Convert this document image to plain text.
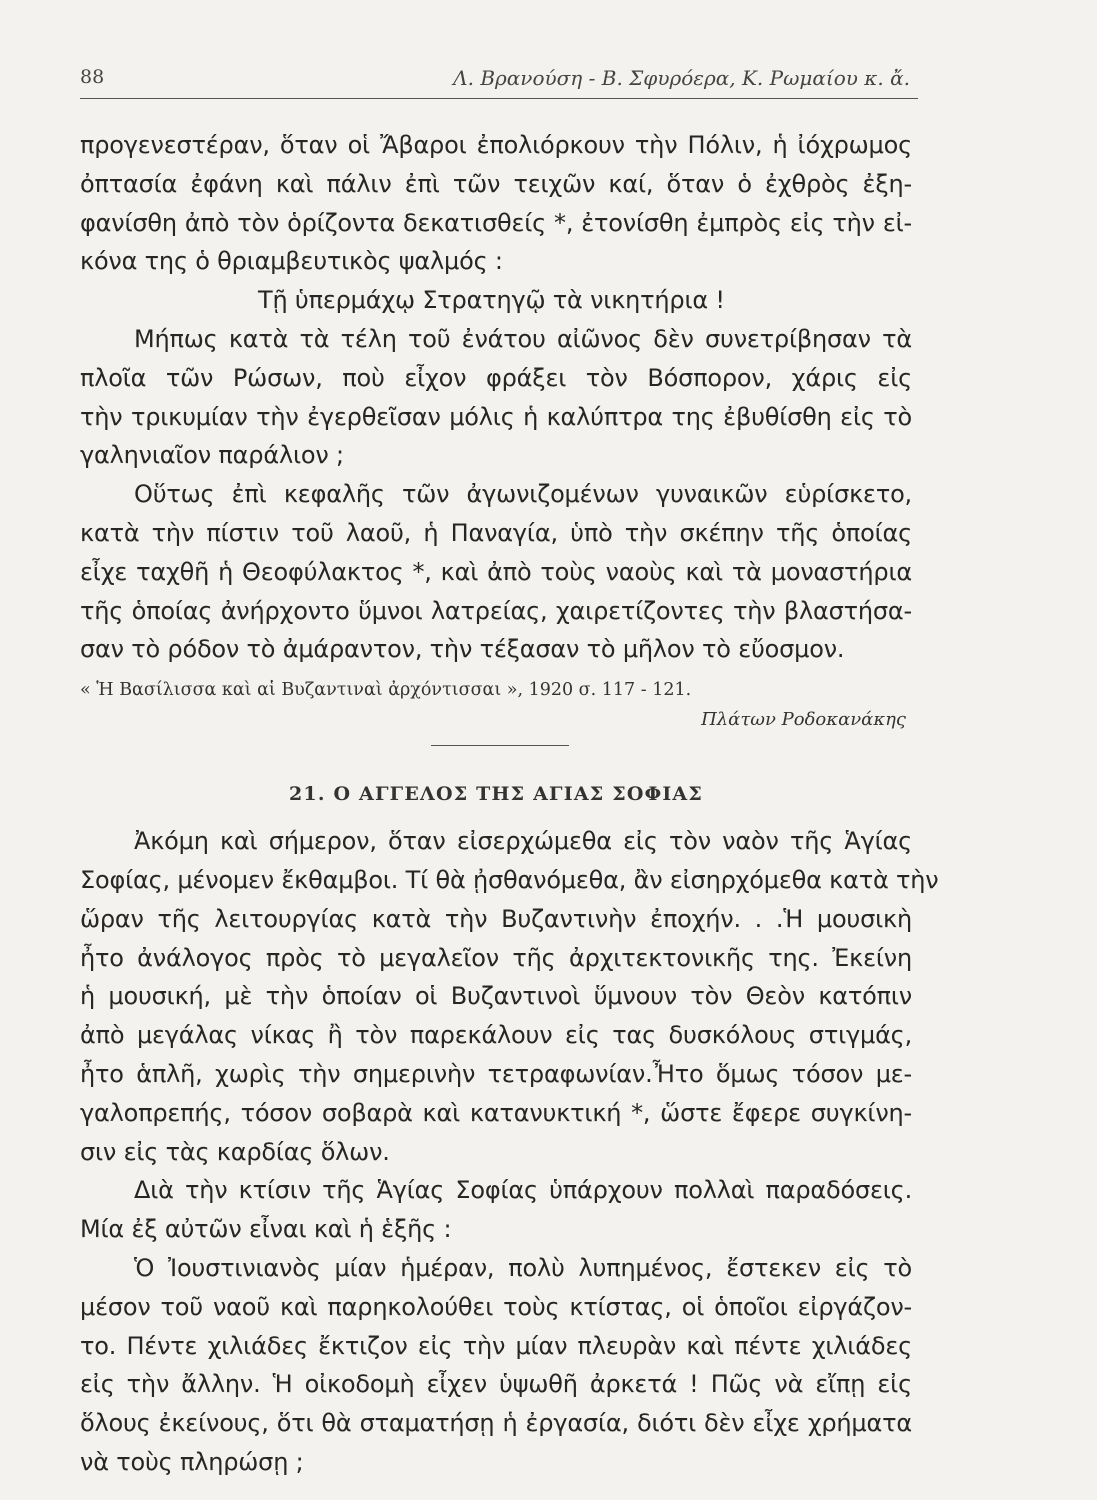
88	Λ. Βρανούση - Β. Σφυρόερα, Κ. Ρωμαίου κ. ἄ.
προγενεστέραν, ὅταν οἱ Ἄβαροι ἐπολιόρκουν τὴν Πόλιν, ἡ ἰόχρωμος
ὀπτασία ἐφάνη καὶ πάλιν ἐπὶ τῶν τειχῶν καί, ὅταν ὁ ἐχθρὸς ἐξη-
φανίσθη ἀπὸ τὸν ὁρίζοντα δεκατισθείς *, ἐτονίσθη ἐμπρὸς εἰς τὴν εἰ-
κόνα της ὁ θριαμβευτικὸς ψαλμός :
Τῇ ὑπερμάχῳ Στρατηγῷ τὰ νικητήρια !
Μήπως κατὰ τὰ τέλη τοῦ ἐνάτου αἰῶνος δὲν συνετρίβησαν τὰ
πλοῖα τῶν Ρώσων, ποὺ εἶχον φράξει τὸν Βόσπορον, χάρις εἰς
τὴν τρικυμίαν τὴν ἐγερθεῖσαν μόλις ἡ καλύπτρα της ἐβυθίσθη εἰς τὸ
γαληνιαῖον παράλιον ;
Οὕτως ἐπὶ κεφαλῆς τῶν ἀγωνιζομένων γυναικῶν εὑρίσκετο,
κατὰ τὴν πίστιν τοῦ λαοῦ, ἡ Παναγία, ὑπὸ τὴν σκέπην τῆς ὁποίας
εἶχε ταχθῆ ἡ Θεοφύλακτος *, καὶ ἀπὸ τοὺς ναοὺς καὶ τὰ μοναστήρια
τῆς ὁποίας ἀνήρχοντο ὕμνοι λατρείας, χαιρετίζοντες τὴν βλαστήσα-
σαν τὸ ρόδον τὸ ἀμάραντον, τὴν τέξασαν τὸ μῆλον τὸ εὔοσμον.
« Ἡ Βασίλισσα καὶ αἱ Βυζαντιναὶ ἀρχόντισσαι », 1920 σ. 117 - 121.
Πλάτων Ροδοκανάκης
21. Ο ΑΓΓΕΛΟΣ ΤΗΣ ΑΓΙΑΣ ΣΟΦΙΑΣ
Ἀκόμη καὶ σήμερον, ὅταν εἰσερχώμεθα εἰς τὸν ναὸν τῆς Ἁγίας
Σοφίας, μένομεν ἔκθαμβοι. Τί θὰ ᾐσθανόμεθα, ἂν εἰσηρχόμεθα κατὰ τὴν
ὥραν τῆς λειτουργίας κατὰ τὴν Βυζαντινὴν ἐποχήν. . .Ἡ μουσικὴ
ἦτο ἀνάλογος πρὸς τὸ μεγαλεῖον τῆς ἀρχιτεκτονικῆς της. Ἐκείνη
ἡ μουσική, μὲ τὴν ὁποίαν οἱ Βυζαντινοὶ ὕμνουν τὸν Θεὸν κατόπιν
ἀπὸ μεγάλας νίκας ἢ τὸν παρεκάλουν εἰς τας δυσκόλους στιγμάς,
ἦτο ἁπλῆ, χωρὶς τὴν σημερινὴν τετραφωνίαν.Ἦτο ὅμως τόσον με-
γαλοπρεπής, τόσον σοβαρὰ καὶ κατανυκτική *, ὥστε ἔφερε συγκίνη-
σιν εἰς τὰς καρδίας ὅλων.
Διὰ τὴν κτίσιν τῆς Ἁγίας Σοφίας ὑπάρχουν πολλαὶ παραδόσεις.
Μία ἐξ αὐτῶν εἶναι καὶ ἡ ἑξῆς :
Ὁ Ἰουστινιανὸς μίαν ἡμέραν, πολὺ λυπημένος, ἔστεκεν εἰς τὸ
μέσον τοῦ ναοῦ καὶ παρηκολούθει τοὺς κτίστας, οἱ ὁποῖοι εἰργάζον-
το. Πέντε χιλιάδες ἔκτιζον εἰς τὴν μίαν πλευρὰν καὶ πέντε χιλιάδες
εἰς τὴν ἄλλην. Ἡ οἰκοδομὴ εἶχεν ὑψωθῆ ἀρκετά ! Πῶς νὰ εἴπῃ εἰς
ὅλους ἐκείνους, ὅτι θὰ σταματήσῃ ἡ ἐργασία, διότι δὲν εἶχε χρήματα
νὰ τοὺς πληρώσῃ ;
